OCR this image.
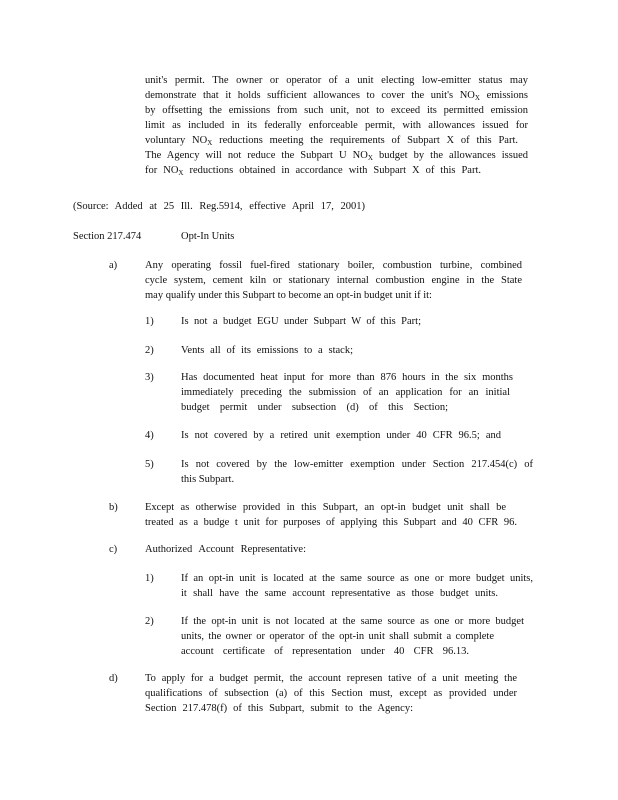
unit's permit. The owner or operator of a unit electing low-emitter status may
demonstrate that it holds sufficient allowances to cover the unit's $NO_X$ emissions
by offsetting the emissions from such unit, not to exceed its permitted emission
limit as included in its federally enforceable permit, with allowances issued for
voluntary $NO_X$ reductions meeting the requirements of Subpart X of this Part.
The Agency will not reduce the Subpart U $NO_X$ budget by the allowances issued
for $NO_X$ reductions obtained in accordance with Subpart X of this Part.
(Source: Added at 25 Ill. Reg.5914, effective April 17, 2001)
Section 217.474	Opt-In Units
a)	Any operating fossil fuel-fired stationary boiler, combustion turbine, combined
cycle system, cement kiln or stationary internal combustion engine in the State
may qualify under this Subpart to become an opt-in budget unit if it:
1)	Is not a budget EGU under Subpart W of this Part;
2)	Vents all of its emissions to a stack;
3)	Has documented heat input for more than 876 hours in the six months
immediately preceding the submission of an application for an initial
budget permit under subsection (d) of this Section;
4)	Is not covered by a retired unit exemption under 40 CFR 96.5; and
5)	Is not covered by the low-emitter exemption under Section 217.454(c) of
this Subpart.
b)	Except as otherwise provided in this Subpart, an opt-in budget unit shall be
treated as a budge t unit for purposes of applying this Subpart and 40 CFR 96.
c)	Authorized Account Representative:
1)	If an opt-in unit is located at the same source as one or more budget units,
it shall have the same account representative as those budget units.
2)	If the opt-in unit is not located at the same source as one or more budget
units, the owner or operator of the opt-in unit shall submit a complete
account certificate of representation under 40 CFR 96.13.
d)	To apply for a budget permit, the account represen tative of a unit meeting the
qualifications of subsection (a) of this Section must, except as provided under
Section 217.478(f) of this Subpart, submit to the Agency:
